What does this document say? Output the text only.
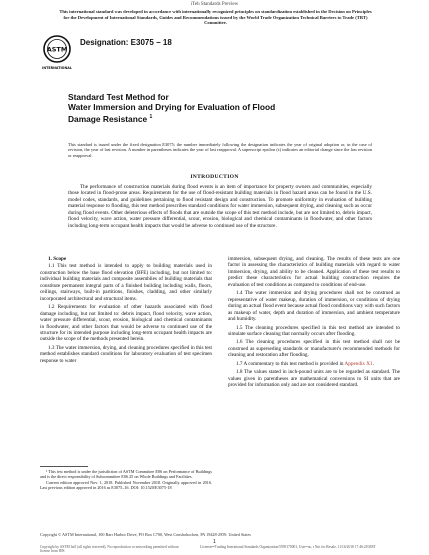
iTeh Standards Preview
This international standard was developed in accordance with internationally recognized principles on standardization established in the Decision on Principles for the Development of International Standards, Guides and Recommendations issued by the World Trade Organization Technical Barriers to Trade (TBT) Committee.
ASTM
INTERNATIONAL
Designation: E3075 − 18
Standard Test Method for
Water Immersion and Drying for Evaluation of Flood
Damage Resistance $^1$
This standard is issued under the fixed designation E3075; the number immediately following the designation indicates the year of original adoption or, in the case of revision, the year of last revision. A number in parentheses indicates the year of last reapproval. A superscript epsilon (ε) indicates an editorial change since the last revision or reapproval.
INTRODUCTION
The performance of construction materials during flood events is an item of importance for property owners and communities, especially those located in flood-prone areas. Requirements for the use of flood-resistant building materials in flood hazard areas can be found in the U.S. model codes, standards, and guidelines pertaining to flood resistant design and construction. To promote uniformity in evaluation of building material response to flooding, this test method prescribes standard conditions for water immersion, subsequent drying, and cleaning such as occur during flood events. Other deleterious effects of floods that are outside the scope of this test method include, but are not limited to, debris impact, flood velocity, wave action, water pressure differential, scour, erosion, biological and chemical contaminants in floodwater, and other factors including long-term occupant health impacts that would be adverse to continued use of the structure.

1. Scope

1.1 This test method is intended to apply to building materials used in construction below the base flood elevation (BFE) including, but not limited to: individual building materials and composite assemblies of building materials that constitute permanent integral parts of a finished building including walls, floors, ceilings, stairways, built-in partitions, finishes, cladding, and other similarly incorporated architectural and structural items.

1.2 Requirements for evaluation of other hazards associated with flood damage including, but not limited to: debris impact, flood velocity, wave action, water pressure differential, scour, erosion, biological and chemical contaminants in floodwater, and other factors that would be adverse to continued use of the structure for its intended purpose including long-term occupant health impacts are outside the scope of the methods presented herein.

1.3 The water immersion, drying, and cleaning procedures specified in this test method establishes standard conditions for laboratory evaluation of test specimen response to water

immersion, subsequent drying, and cleaning. The results of these tests are one factor in assessing the characteristics of building materials with regard to water immersion, drying, and ability to be cleaned. Application of these test results to predict these characteristics for actual building construction requires the evaluation of test conditions as compared to conditions of end-use.

1.4 The water immersion and drying procedures shall not be construed as representative of water makeup, duration of immersion, or conditions of drying during an actual flood event because actual flood conditions vary with such factors as makeup of water, depth and duration of immersion, and ambient temperature and humidity.

1.5 The cleaning procedures specified in this test method are intended to simulate surface cleaning that normally occurs after flooding.

1.6 The cleaning procedures specified in this test method shall not be construed as superseding standards or manufacturer's recommended methods for cleaning and restoration after flooding.

1.7 A commentary to this test method is provided in Appendix X1.

1.8 The values stated in inch-pound units are to be regarded as standard. The values given in parentheses are mathematical conversions to SI units that are provided for information only and are not considered standard.

¹ This test method is under the jurisdiction of ASTM Committee E06 on Performance of Buildings and is the direct responsibility of Subcommittee E06.25 on Whole Buildings and Facilities.

Current edition approved Nov. 1, 2018. Published November 2018. Originally approved in 2016. Last previous edition approved in 2016 as E3075–16. DOI: 10.1520/E3075-18

Copyright © ASTM International, 100 Barr Harbor Drive, PO Box C700, West Conshohocken, PA 19428-2959. United States
1
Copyright by ASTM Int'l (all rights reserved); No reproduction or networking permitted without license from IHS
Licensee=Trading Interational Standards Organization/5959170001, User=us, r Not for Resale, 11/16/2018 17:46:28 MST
